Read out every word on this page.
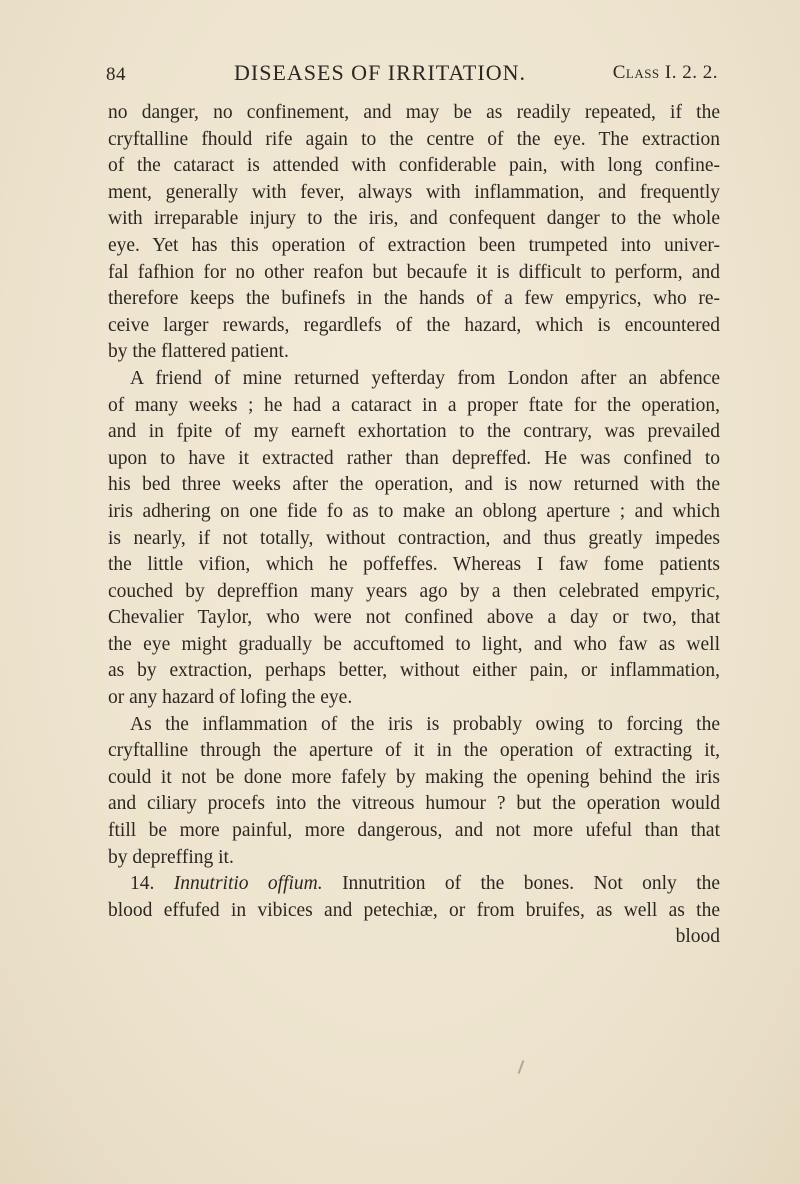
84	DISEASES OF IRRITATION.	Class I. 2. 2.
no danger, no confinement, and may be as readily repeated, if the
cryftalline fhould rife again to the centre of the eye. The extraction
of the cataract is attended with confiderable pain, with long confine-
ment, generally with fever, always with inflammation, and frequently
with irreparable injury to the iris, and confequent danger to the whole
eye. Yet has this operation of extraction been trumpeted into univer-
fal fafhion for no other reafon but becaufe it is difficult to perform, and
therefore keeps the bufinefs in the hands of a few empyrics, who re-
ceive larger rewards, regardlefs of the hazard, which is encountered
by the flattered patient.
A friend of mine returned yefterday from London after an abfence
of many weeks ; he had a cataract in a proper ftate for the operation,
and in fpite of my earneft exhortation to the contrary, was prevailed
upon to have it extracted rather than depreffed. He was confined to
his bed three weeks after the operation, and is now returned with the
iris adhering on one fide fo as to make an oblong aperture ; and which
is nearly, if not totally, without contraction, and thus greatly impedes
the little vifion, which he poffeffes. Whereas I faw fome patients
couched by depreffion many years ago by a then celebrated empyric,
Chevalier Taylor, who were not confined above a day or two, that
the eye might gradually be accuftomed to light, and who faw as well
as by extraction, perhaps better, without either pain, or inflammation,
or any hazard of lofing the eye.
As the inflammation of the iris is probably owing to forcing the
cryftalline through the aperture of it in the operation of extracting it,
could it not be done more fafely by making the opening behind the iris
and ciliary procefs into the vitreous humour ? but the operation would
ftill be more painful, more dangerous, and not more ufeful than that
by depreffing it.
14. Innutritio offium. Innutrition of the bones. Not only the
blood effufed in vibices and petechiæ, or from bruifes, as well as the
blood
